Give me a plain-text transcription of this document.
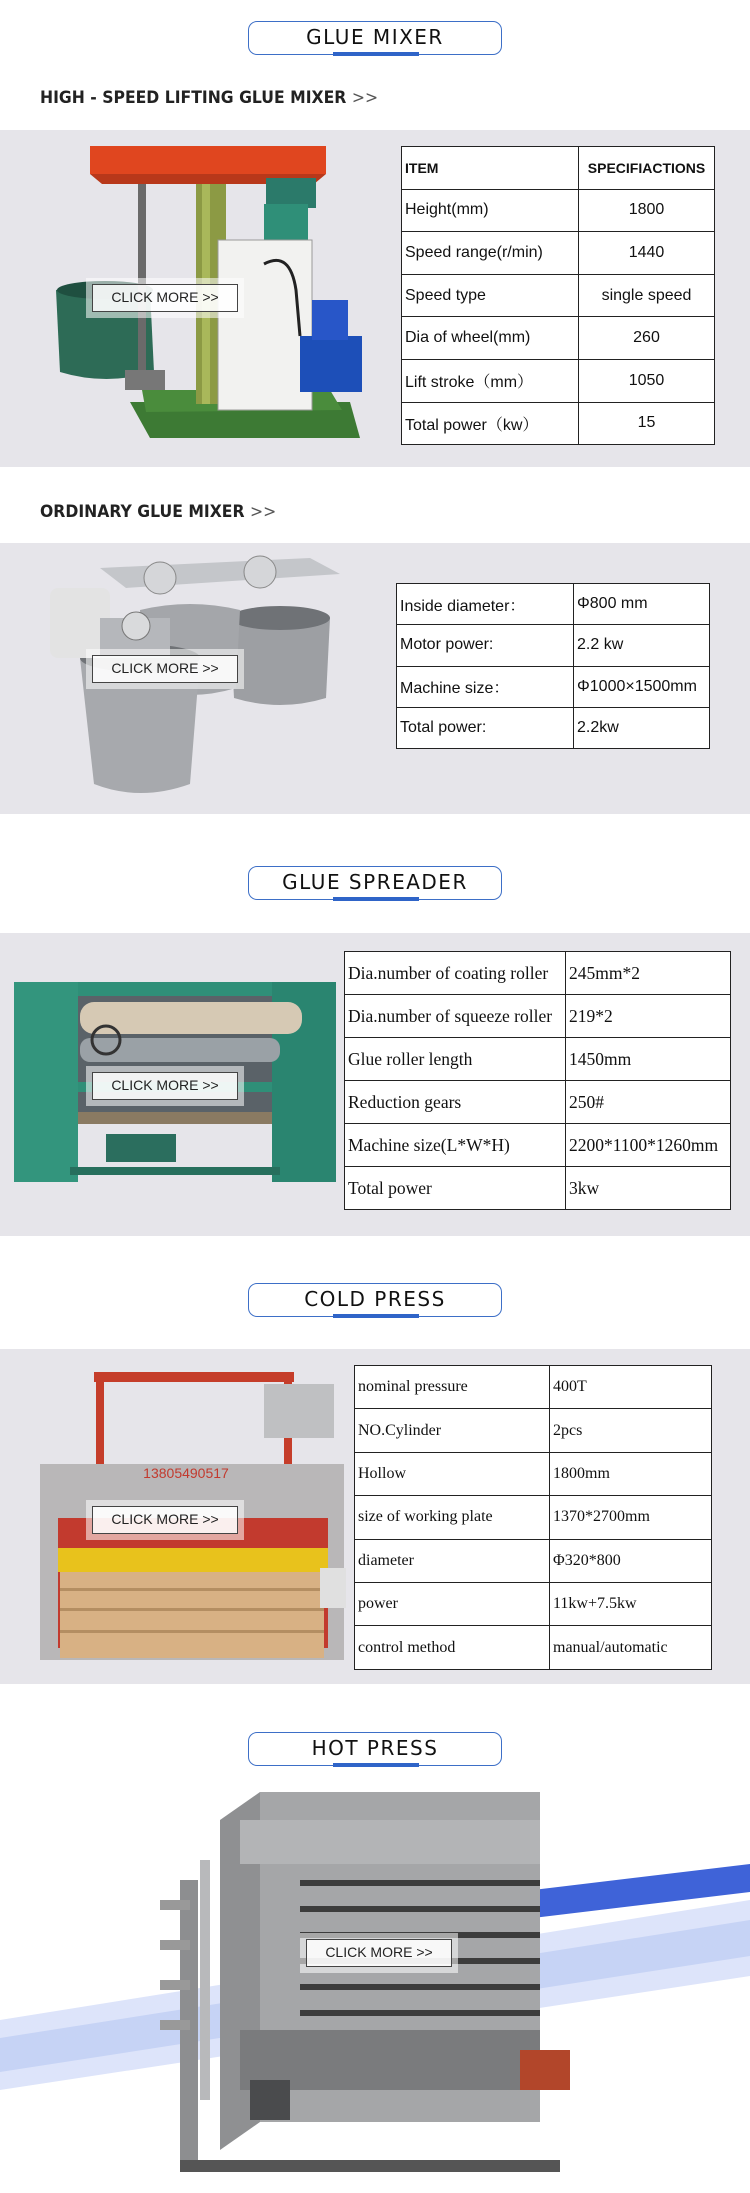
GLUE MIXER
HIGH - SPEED LIFTING GLUE MIXER >>
CLICK MORE >>
ITEM	SPECIFIACTIONS
Height(mm)	1800
Speed range(r/min)	1440
Speed type	single speed
Dia of wheel(mm)	260
Lift stroke（mm）	1050
Total power（kw）	15
ORDINARY GLUE MIXER >>
CLICK MORE >>
Inside diameter：	Φ800 mm
Motor power:	2.2 kw
Machine size：	Φ1000×1500mm
Total power:	2.2kw
GLUE SPREADER
CLICK MORE >>
Dia.number of coating roller	245mm*2
Dia.number of squeeze roller	219*2
Glue roller length	1450mm
Reduction gears	250#
Machine size(L*W*H)	2200*1100*1260mm
Total power	3kw
COLD PRESS
13805490517
CLICK MORE >>
nominal pressure	400T
NO.Cylinder	2pcs
Hollow	1800mm
size of working plate	1370*2700mm
diameter	Φ320*800
power	11kw+7.5kw
control method	manual/automatic
HOT PRESS
CLICK MORE >>
